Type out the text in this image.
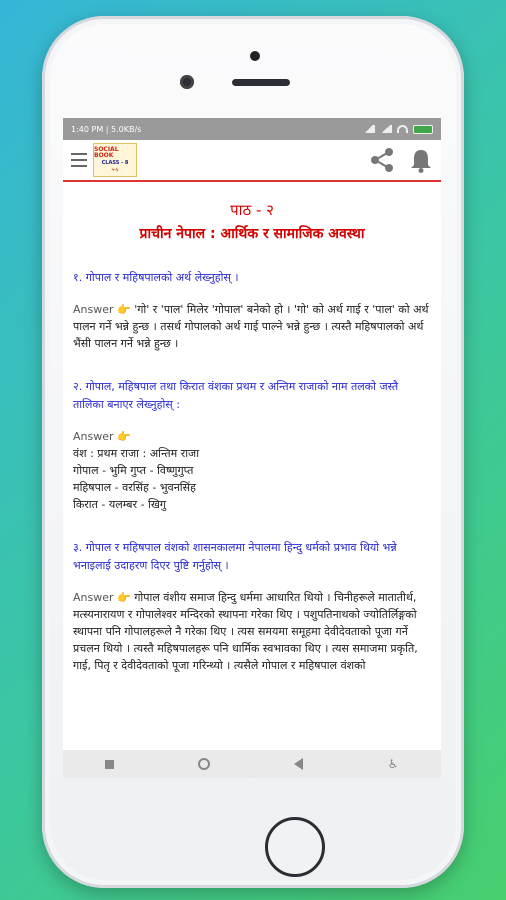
1:40 PM | 5.0KB/s
SOCIAL BOOK
CLASS - 8
५-६
पाठ - २
प्राचीन नेपाल : आर्थिक र सामाजिक अवस्था
१. गोपाल र महिषपालको अर्थ लेख्नुहोस् ।
Answer 👉 'गो' र 'पाल' मिलेर 'गोपाल' बनेको हो । 'गो' को अर्थ गाई र 'पाल' को अर्थ पालन गर्ने भन्ने हुन्छ । तसर्थ गोपालको अर्थ गाई पाल्ने भन्ने हुन्छ । त्यस्तै महिषपालको अर्थ भैंसी पालन गर्ने भन्ने हुन्छ ।
२. गोपाल, महिषपाल तथा किरात वंशका प्रथम र अन्तिम राजाको नाम तलको जस्तै तालिका बनाएर लेख्नुहोस् :
Answer 👉
वंश : प्रथम राजा : अन्तिम राजा
गोपाल - भुमि गुप्त - विष्णुगुप्त
महिषपाल - वरसिंह - भुवनसिंह
किरात - यलम्बर - खिगु
३. गोपाल र महिषपाल वंशको शासनकालमा नेपालमा हिन्दु धर्मको प्रभाव थियो भन्ने भनाइलाई उदाहरण दिएर पुष्टि गर्नुहोस् ।
Answer 👉 गोपाल वंशीय समाज हिन्दु धर्ममा आधारित थियो । चिनीहरूले मातातीर्थ, मत्स्यनारायण र गोपालेश्वर मन्दिरको स्थापना गरेका थिए । पशुपतिनाथको ज्योतिर्लिङ्गको स्थापना पनि गोपालहरूले नै गरेका थिए । त्यस समयमा समूहमा देवीदेवताको पूजा गर्ने प्रचलन थियो । त्यस्तै महिषपालहरू पनि धार्मिक स्वभावका थिए । त्यस समाजमा प्रकृति, गाई, पितृ र देवीदेवताको पूजा गरिन्थ्यो । त्यसैले गोपाल र महिषपाल वंशको
♿
